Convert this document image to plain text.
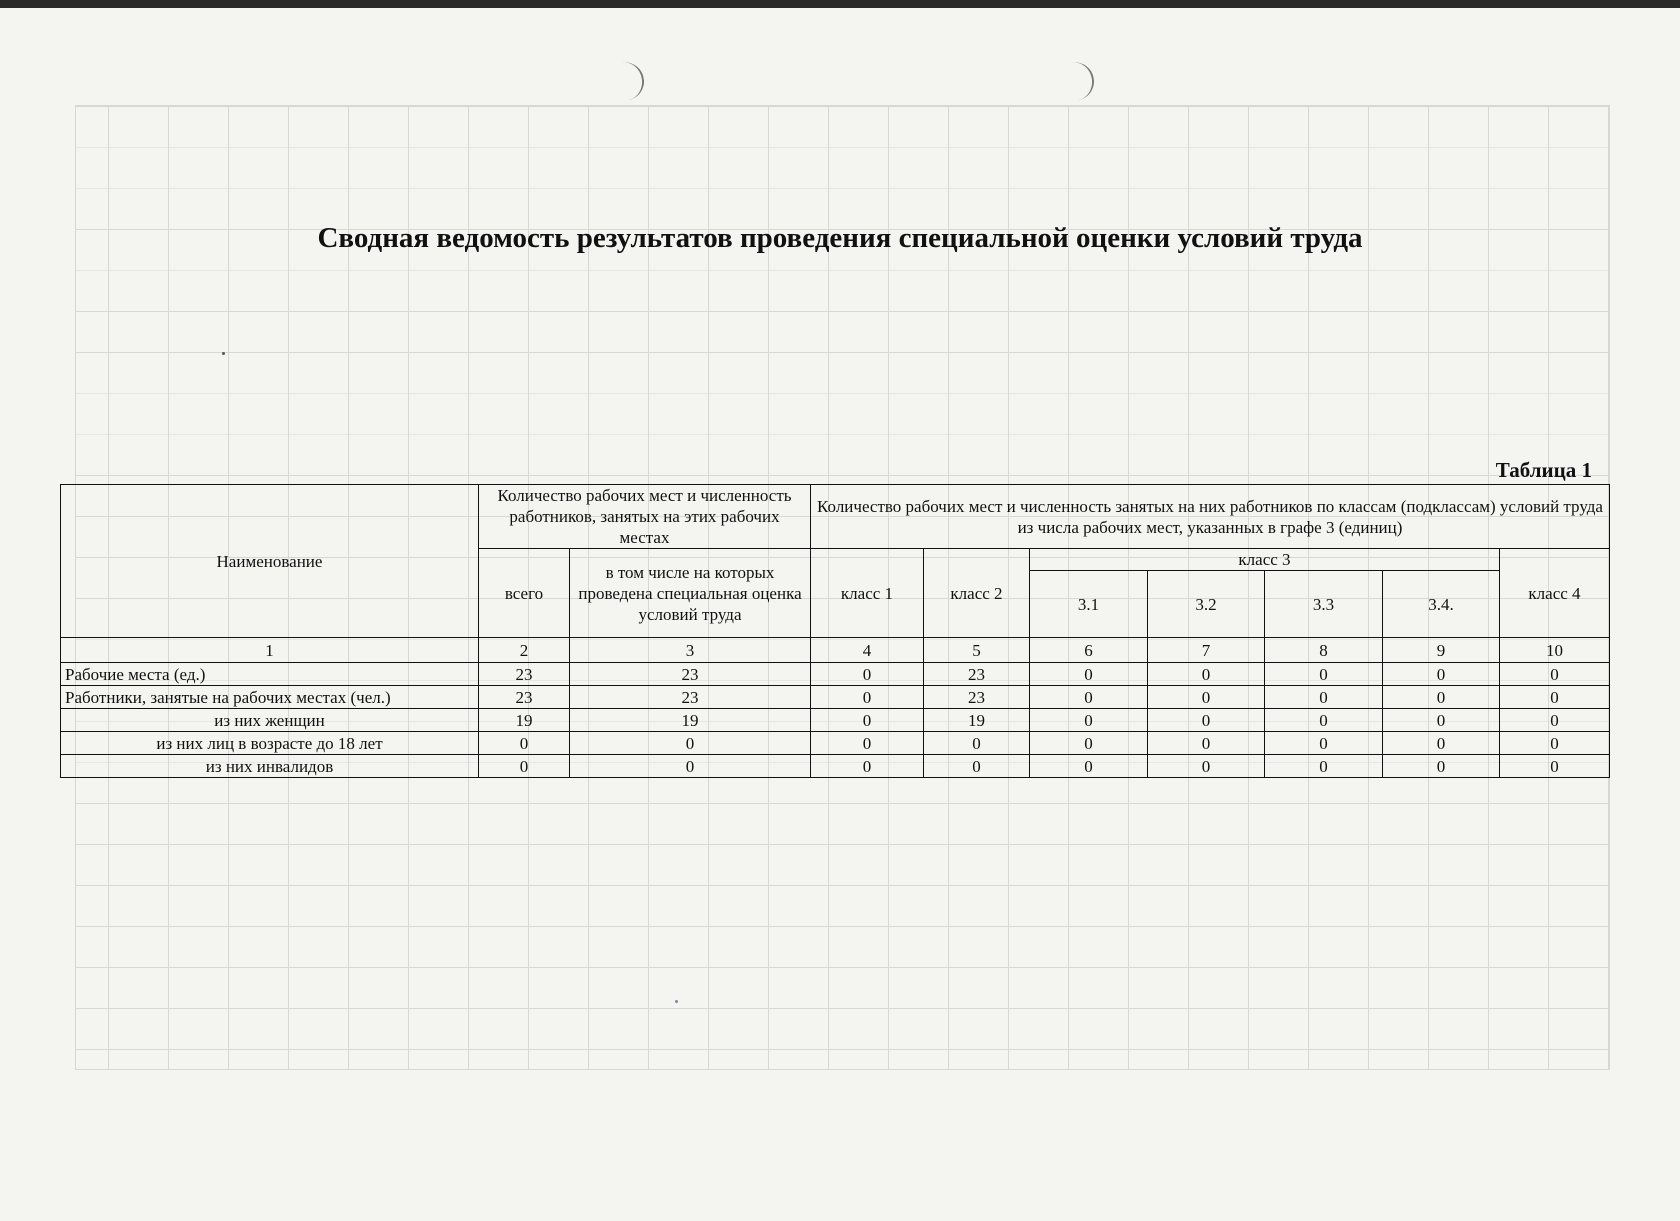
Сводная ведомость результатов проведения специальной оценки условий труда
Таблица 1
Наименование	Количество рабочих мест и численность работников, занятых на этих рабочих местах		Количество рабочих мест и численность занятых на них работников по классам (подклассам) условий труда из числа рабочих мест, указанных в графе 3 (единиц)						
	всего	в том числе на которых проведена специальная оценка условий труда	класс 1	класс 2	класс 3				класс 4
					3.1	3.2	3.3	3.4.	
1	2	3	4	5	6	7	8	9	10
Рабочие места (ед.)	23	23	0	23	0	0	0	0	0
Работники, занятые на рабочих местах (чел.)	23	23	0	23	0	0	0	0	0
из них женщин	19	19	0	19	0	0	0	0	0
из них лиц в возрасте до 18 лет	0	0	0	0	0	0	0	0	0
из них инвалидов	0	0	0	0	0	0	0	0	0
